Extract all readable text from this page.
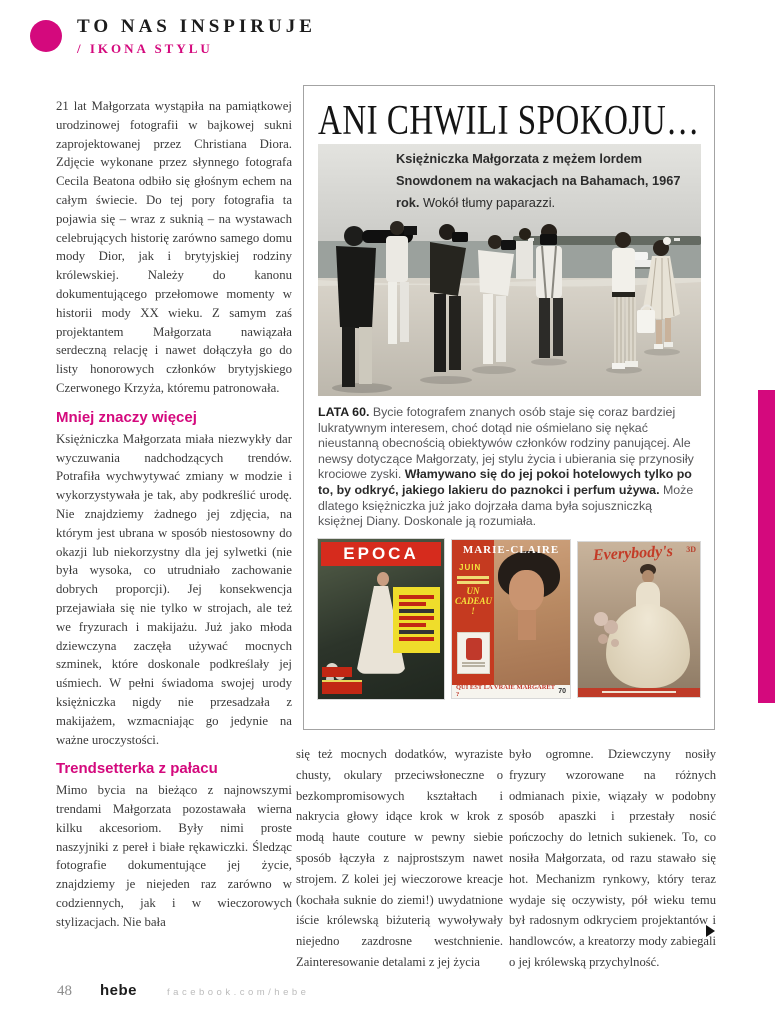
TO NAS INSPIRUJE
/ IKONA STYLU

21 lat Małgorzata wystąpiła na pamiątkowej urodzinowej fotografii w bajkowej sukni zaprojektowanej przez Christiana Diora. Zdjęcie wykonane przez słynnego fotografa Cecila Beatona odbiło się głośnym echem na całym świecie. Do tej pory fotografia ta pojawia się – wraz z suknią – na wystawach celebrujących historię zarówno samego domu mody Dior, jak i brytyjskiej rodziny królewskiej. Należy do kanonu dokumentującego przełomowe momenty w historii mody XX wieku. Z samym zaś projektantem Małgorzata nawiązała serdeczną relację i nawet dołączyła go do listy honorowych członków brytyjskiego Czerwonego Krzyża, któremu patronowała.

Mniej znaczy więcej

Księżniczka Małgorzata miała niezwykły dar wyczuwania nadchodzących trendów. Potrafiła wychwytywać zmiany w modzie i wykorzystywała je tak, aby podkreślić urodę. Nie znajdziemy żadnego jej zdjęcia, na którym jest ubrana w sposób niestosowny do okazji lub niekorzystny dla jej sylwetki (nie była wysoka, co utrudniało zachowanie dobrych proporcji). Jej konsekwencja przejawiała się nie tylko w strojach, ale też we fryzurach i makijażu. Już jako młoda dziewczyna zaczęła używać mocnych szminek, które doskonale podkreślały jej uśmiech. W pełni świadoma swojej urody księżniczka nigdy nie przesadzała z makijażem, wzmacniając go jedynie na ważne uroczystości.

Trendsetterka z pałacu

Mimo bycia na bieżąco z najnowszymi trendami Małgorzata pozostawała wierna kilku akcesoriom. Były nimi proste naszyjniki z pereł i białe rękawiczki. Śledząc fotografie dokumentujące jej życie, znajdziemy je niejeden raz zarówno w codziennych, jak i w wieczorowych stylizacjach. Nie bała

ANI CHWILI SPOKOJU…
Księżniczka Małgorzata z mężem lordem Snowdonem na wakacjach na Bahamach, 1967 rok. Wokół tłumy paparazzi.

LATA 60. Bycie fotografem znanych osób staje się coraz bardziej lukratywnym interesem, choć dotąd nie ośmielano się nękać nieustanną obecnością obiektywów członków rodziny panującej. Ale newsy dotyczące Małgorzaty, jej stylu życia i ubierania się przynosiły krociowe zyski. Włamywano się do jej pokoi hotelowych tylko po to, by odkryć, jakiego lakieru do paznokci i perfum używa. Może dlatego księżniczka już jako dojrzała dama była sojuszniczką księżnej Diany. Doskonale ją rozumiała.

EPOCA	MARIE-CLAIRE
JUIN
UN CADEAU !
QUI EST LA VRAIE MARGARET ?	70
Everybody's	3D

się też mocnych dodatków, wyraziste chusty, okulary przeciwsłoneczne o bezkompromisowych kształtach i nakrycia głowy idące krok w krok z modą haute couture w pewny siebie sposób łączyła z najprostszym nawet strojem. Z kolei jej wieczorowe kreacje (kochała suknie do ziemi!) uwydatnione iście królewską biżuterią wywoływały niejedno zazdrosne westchnienie. Zainteresowanie detalami z jej życia

było ogromne. Dziewczyny nosiły fryzury wzorowane na różnych odmianach pixie, wiązały w podobny sposób apaszki i przestały nosić pończochy do letnich sukienek. To, co nosiła Małgorzata, od razu stawało się hot. Mechanizm rynkowy, który teraz wydaje się oczywisty, pół wieku temu był radosnym odkryciem projektantów i handlowców, a kreatorzy mody zabiegali o jej królewską przychylność.

48 hebe	facebook.com/hebe
